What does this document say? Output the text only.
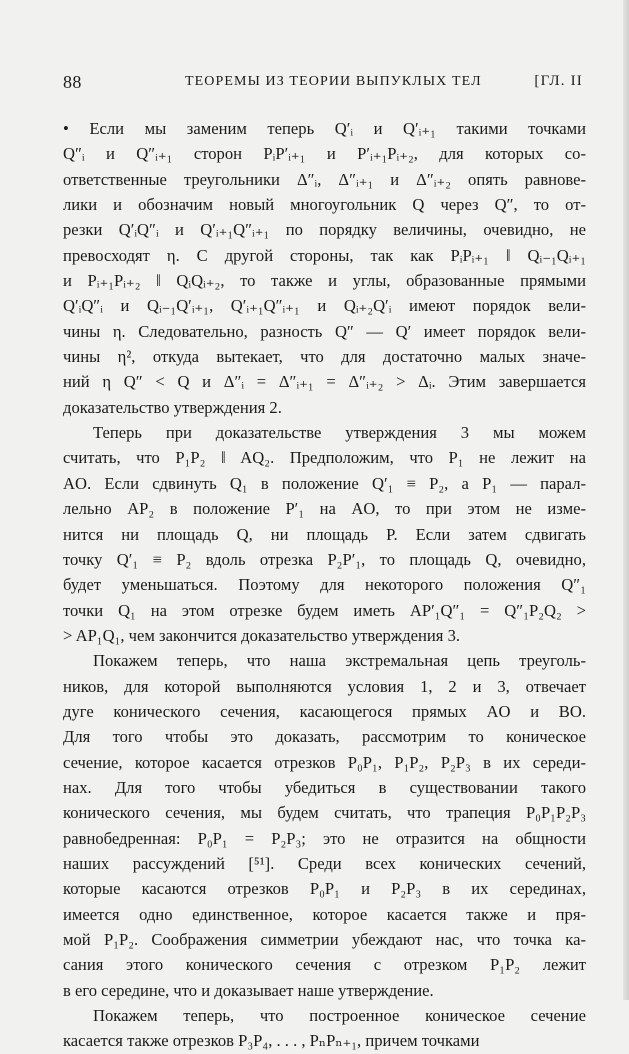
88	ТЕОРЕМЫ ИЗ ТЕОРИИ ВЫПУКЛЫХ ТЕЛ	[ГЛ. II
• Если мы заменим теперь Q′ᵢ и Q′ᵢ₊₁ такими точками
Q″ᵢ и Q″ᵢ₊₁ сторон PᵢP′ᵢ₊₁ и P′ᵢ₊₁Pᵢ₊₂, для которых со-
ответственные треугольники Δ″ᵢ, Δ″ᵢ₊₁ и Δ″ᵢ₊₂ опять равнове-
лики и обозначим новый многоугольник Q через Q″, то от-
резки Q′ᵢQ″ᵢ и Q′ᵢ₊₁Q″ᵢ₊₁ по порядку величины, очевидно, не
превосходят η. С другой стороны, так как PᵢPᵢ₊₁ ‖ Qᵢ₋₁Qᵢ₊₁
и Pᵢ₊₁Pᵢ₊₂ ‖ QᵢQᵢ₊₂, то также и углы, образованные прямыми
Q′ᵢQ″ᵢ и Qᵢ₋₁Q′ᵢ₊₁, Q′ᵢ₊₁Q″ᵢ₊₁ и Qᵢ₊₂Q′ᵢ имеют порядок вели-
чины η. Следовательно, разность Q″ — Q′ имеет порядок вели-
чины η², откуда вытекает, что для достаточно малых значе-
ний η Q″ < Q и Δ″ᵢ = Δ″ᵢ₊₁ = Δ″ᵢ₊₂ > Δᵢ. Этим завершается
доказательство утверждения 2.
Теперь при доказательстве утверждения 3 мы можем
считать, что P₁P₂ ‖ AQ₂. Предположим, что P₁ не лежит на
AO. Если сдвинуть Q₁ в положение Q′₁ ≡ P₂, а P₁ — парал-
лельно AP₂ в положение P′₁ на AO, то при этом не изме-
нится ни площадь Q, ни площадь P. Если затем сдвигать
точку Q′₁ ≡ P₂ вдоль отрезка P₂P′₁, то площадь Q, очевидно,
будет уменьшаться. Поэтому для некоторого положения Q″₁
точки Q₁ на этом отрезке будем иметь AP′₁Q″₁ = Q″₁P₂Q₂ >
> AP₁Q₁, чем закончится доказательство утверждения 3.
Покажем теперь, что наша экстремальная цепь треуголь-
ников, для которой выполняются условия 1, 2 и 3, отвечает
дуге конического сечения, касающегося прямых AO и BO.
Для того чтобы это доказать, рассмотрим то коническое
сечение, которое касается отрезков P₀P₁, P₁P₂, P₂P₃ в их середи-
нах. Для того чтобы убедиться в существовании такого
конического сечения, мы будем считать, что трапеция P₀P₁P₂P₃
равнобедренная: P₀P₁ = P₂P₃; это не отразится на общности
наших рассуждений [⁵¹]. Среди всех конических сечений,
которые касаются отрезков P₀P₁ и P₂P₃ в их серединах,
имеется одно единственное, которое касается также и пря-
мой P₁P₂. Соображения симметрии убеждают нас, что точка ка-
сания этого конического сечения с отрезком P₁P₂ лежит
в его середине, что и доказывает наше утверждение.
Покажем теперь, что построенное коническое сечение
касается также отрезков P₃P₄, . . . , PₙPₙ₊₁, причем точками
